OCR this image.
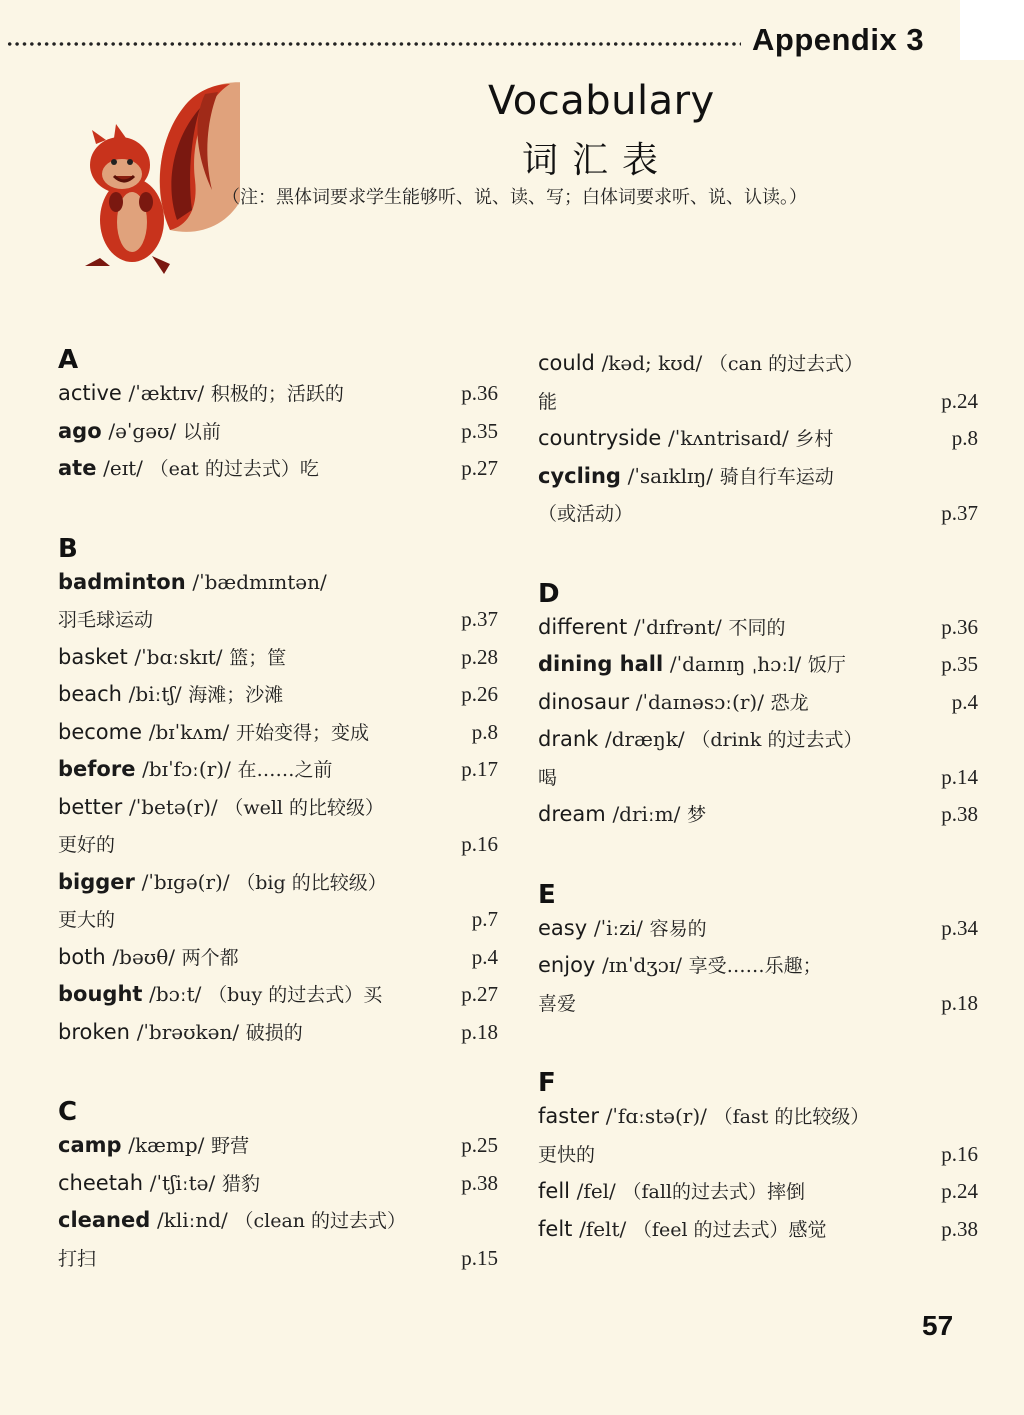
Appendix 3
Vocabulary
词汇表
（注：黑体词要求学生能够听、说、读、写；白体词要求听、说、认读。）
A
active /ˈæktɪv/ 积极的；活跃的	p.36
ago /əˈgəʊ/ 以前	p.35
ate /eɪt/ （eat 的过去式）吃	p.27
B
badminton /ˈbædmɪntən/
羽毛球运动	p.37
basket /ˈbɑːskɪt/ 篮；筐	p.28
beach /biːtʃ/ 海滩；沙滩	p.26
become /bɪˈkʌm/ 开始变得；变成	p.8
before /bɪˈfɔː(r)/ 在……之前	p.17
better /ˈbetə(r)/ （well 的比较级）
更好的	p.16
bigger /ˈbɪgə(r)/ （big 的比较级）
更大的	p.7
both /bəʊθ/ 两个都	p.4
bought /bɔːt/ （buy 的过去式）买	p.27
broken /ˈbrəʊkən/ 破损的	p.18
C
camp /kæmp/ 野营	p.25
cheetah /ˈtʃiːtə/ 猎豹	p.38
cleaned /kliːnd/ （clean 的过去式）
打扫	p.15
could /kəd; kʊd/ （can 的过去式）
能	p.24
countryside /ˈkʌntrisaɪd/ 乡村	p.8
cycling /ˈsaɪklɪŋ/ 骑自行车运动
（或活动）	p.37
D
different /ˈdɪfrənt/ 不同的	p.36
dining hall /ˈdaɪnɪŋ ˌhɔːl/ 饭厅	p.35
dinosaur /ˈdaɪnəsɔː(r)/ 恐龙	p.4
drank /dræŋk/ （drink 的过去式）
喝	p.14
dream /driːm/ 梦	p.38
E
easy /ˈiːzi/ 容易的	p.34
enjoy /ɪnˈdʒɔɪ/ 享受……乐趣；
喜爱	p.18
F
faster /ˈfɑːstə(r)/ （fast 的比较级）
更快的	p.16
fell /fel/ （fall的过去式）摔倒	p.24
felt /felt/ （feel 的过去式）感觉	p.38
57
